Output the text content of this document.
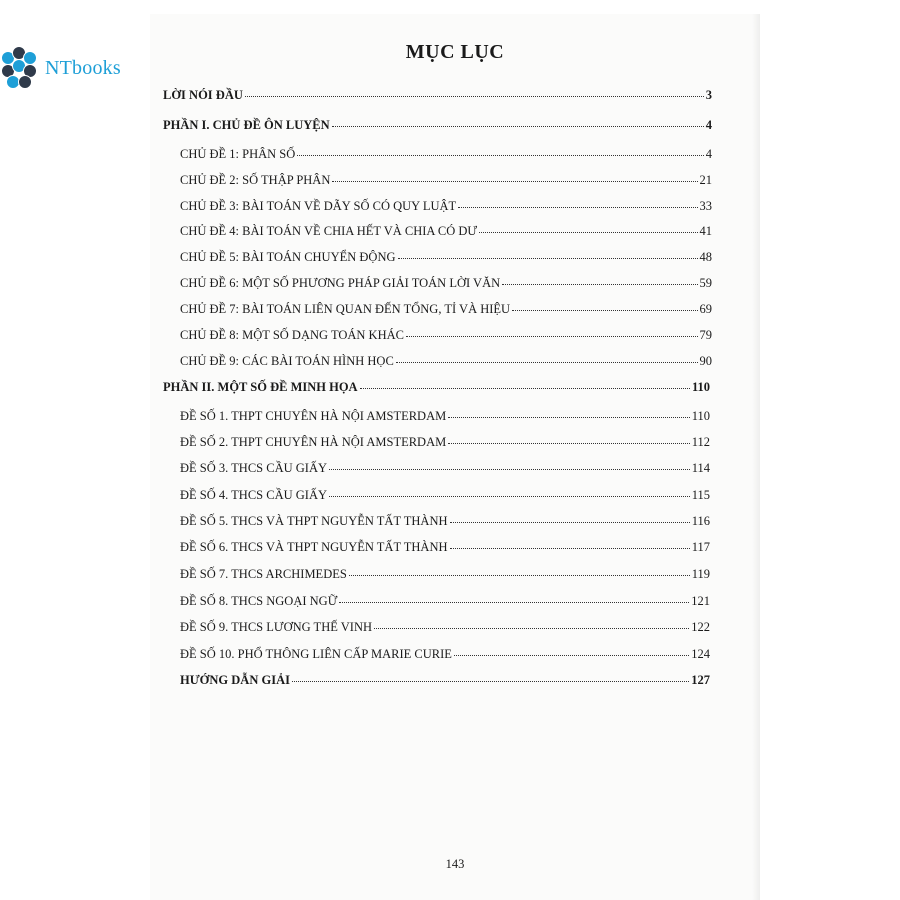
NTbooks
MỤC LỤC
LỜI NÓI ĐẦU	3
PHẦN I. CHỦ ĐỀ ÔN LUYỆN	4
CHỦ ĐỀ 1: PHÂN SỐ	4
CHỦ ĐỀ 2: SỐ THẬP PHÂN	21
CHỦ ĐỀ 3: BÀI TOÁN VỀ DÃY SỐ CÓ QUY LUẬT	33
CHỦ ĐỀ 4: BÀI TOÁN VỀ CHIA HẾT VÀ CHIA CÓ DƯ	41
CHỦ ĐỀ 5: BÀI TOÁN CHUYỂN ĐỘNG	48
CHỦ ĐỀ 6: MỘT SỐ PHƯƠNG PHÁP GIẢI TOÁN LỜI VĂN	59
CHỦ ĐỀ 7: BÀI TOÁN LIÊN QUAN ĐẾN TỔNG, TỈ VÀ HIỆU	69
CHỦ ĐỀ 8: MỘT SỐ DẠNG TOÁN KHÁC	79
CHỦ ĐỀ 9: CÁC BÀI TOÁN HÌNH HỌC	90
PHẦN II. MỘT SỐ ĐỀ MINH HỌA	110
ĐỀ SỐ 1. THPT CHUYÊN HÀ NỘI AMSTERDAM	110
ĐỀ SỐ 2. THPT CHUYÊN HÀ NỘI AMSTERDAM	112
ĐỀ SỐ 3. THCS CẦU GIẤY	114
ĐỀ SỐ 4. THCS CẦU GIẤY	115
ĐỀ SỐ 5. THCS VÀ THPT NGUYỄN TẤT THÀNH	116
ĐỀ SỐ 6. THCS VÀ THPT NGUYỄN TẤT THÀNH	117
ĐỀ SỐ 7. THCS ARCHIMEDES	119
ĐỀ SỐ 8. THCS NGOẠI NGỮ	121
ĐỀ SỐ 9. THCS LƯƠNG THẾ VINH	122
ĐỀ SỐ 10. PHỔ THÔNG LIÊN CẤP MARIE CURIE	124
HƯỚNG DẪN GIẢI	127
143
